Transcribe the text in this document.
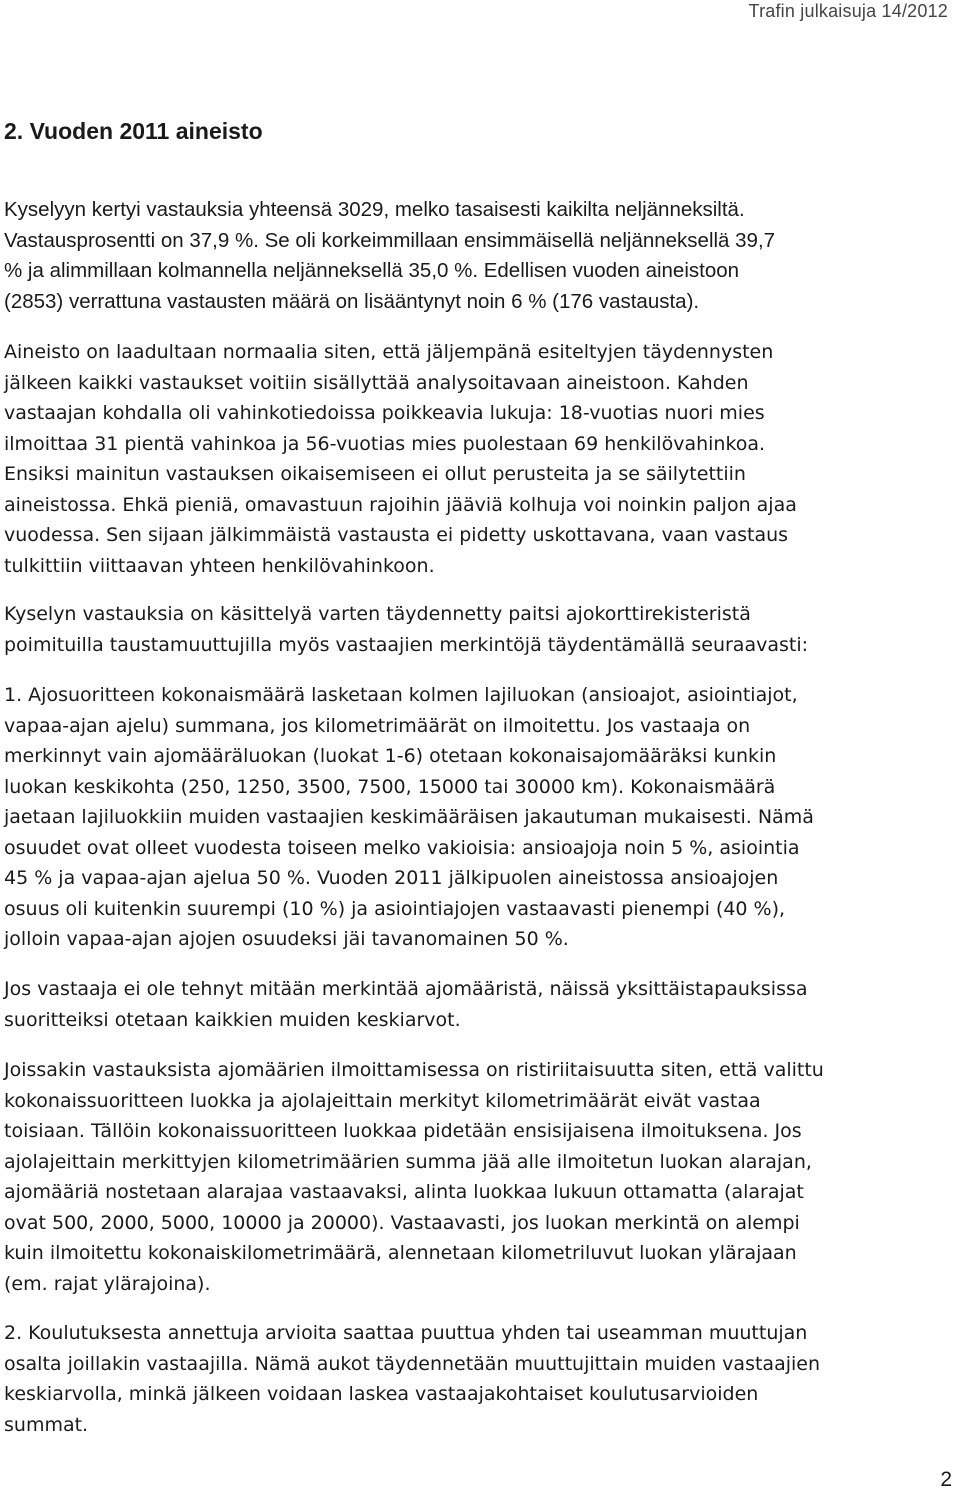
Trafin julkaisuja 14/2012
2. Vuoden 2011 aineisto
Kyselyyn kertyi vastauksia yhteensä 3029, melko tasaisesti kaikilta neljänneksiltä.
Vastausprosentti on 37,9 %. Se oli korkeimmillaan ensimmäisellä neljänneksellä 39,7
% ja alimmillaan kolmannella neljänneksellä 35,0 %. Edellisen vuoden aineistoon
(2853) verrattuna vastausten määrä on lisääntynyt noin 6 % (176 vastausta).
Aineisto on laadultaan normaalia siten, että jäljempänä esiteltyjen täydennysten
jälkeen kaikki vastaukset voitiin sisällyttää analysoitavaan aineistoon. Kahden
vastaajan kohdalla oli vahinkotiedoissa poikkeavia lukuja: 18-vuotias nuori mies
ilmoittaa 31 pientä vahinkoa ja 56-vuotias mies puolestaan 69 henkilövahinkoa.
Ensiksi mainitun vastauksen oikaisemiseen ei ollut perusteita ja se säilytettiin
aineistossa. Ehkä pieniä, omavastuun rajoihin jääviä kolhuja voi noinkin paljon ajaa
vuodessa. Sen sijaan jälkimmäistä vastausta ei pidetty uskottavana, vaan vastaus
tulkittiin viittaavan yhteen henkilövahinkoon.
Kyselyn vastauksia on käsittelyä varten täydennetty paitsi ajokorttirekisteristä
poimituilla taustamuuttujilla myös vastaajien merkintöjä täydentämällä seuraavasti:
1. Ajosuoritteen kokonaismäärä lasketaan kolmen lajiluokan (ansioajot, asiointiajot,
vapaa-ajan ajelu) summana, jos kilometrimäärät on ilmoitettu. Jos vastaaja on
merkinnyt vain ajomääräluokan (luokat 1-6) otetaan kokonaisajomääräksi kunkin
luokan keskikohta (250, 1250, 3500, 7500, 15000 tai 30000 km). Kokonaismäärä
jaetaan lajiluokkiin muiden vastaajien keskimääräisen jakautuman mukaisesti. Nämä
osuudet ovat olleet vuodesta toiseen melko vakioisia: ansioajoja noin 5 %, asiointia
45 % ja vapaa-ajan ajelua 50 %. Vuoden 2011 jälkipuolen aineistossa ansioajojen
osuus oli kuitenkin suurempi (10 %) ja asiointiajojen vastaavasti pienempi (40 %),
jolloin vapaa-ajan ajojen osuudeksi jäi tavanomainen 50 %.
Jos vastaaja ei ole tehnyt mitään merkintää ajomääristä, näissä yksittäistapauksissa
suoritteiksi otetaan kaikkien muiden keskiarvot.
Joissakin vastauksista ajomäärien ilmoittamisessa on ristiriitaisuutta siten, että valittu
kokonaissuoritteen luokka ja ajolajeittain merkityt kilometrimäärät eivät vastaa
toisiaan. Tällöin kokonaissuoritteen luokkaa pidetään ensisijaisena ilmoituksena. Jos
ajolajeittain merkittyjen kilometrimäärien summa jää alle ilmoitetun luokan alarajan,
ajomääriä nostetaan alarajaa vastaavaksi, alinta luokkaa lukuun ottamatta (alarajat
ovat 500, 2000, 5000, 10000 ja 20000). Vastaavasti, jos luokan merkintä on alempi
kuin ilmoitettu kokonaiskilometrimäärä, alennetaan kilometriluvut luokan ylärajaan
(em. rajat ylärajoina).
2. Koulutuksesta annettuja arvioita saattaa puuttua yhden tai useamman muuttujan
osalta joillakin vastaajilla. Nämä aukot täydennetään muuttujittain muiden vastaajien
keskiarvolla, minkä jälkeen voidaan laskea vastaajakohtaiset koulutusarvioiden
summat.
2
